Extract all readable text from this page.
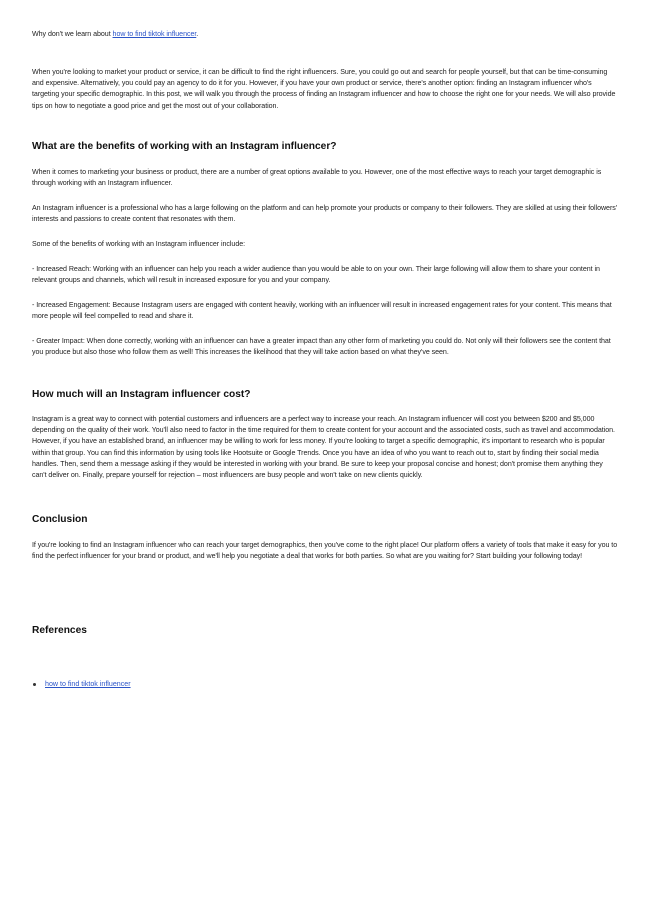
Why don't we learn about how to find tiktok influencer.

When you're looking to market your product or service, it can be difficult to find the right influencers. Sure, you could go out and search for people yourself, but that can be time-consuming and expensive. Alternatively, you could pay an agency to do it for you. However, if you have your own product or service, there's another option: finding an Instagram influencer who's targeting your specific demographic. In this post, we will walk you through the process of finding an Instagram influencer and how to choose the right one for your needs. We will also provide tips on how to negotiate a good price and get the most out of your collaboration.

What are the benefits of working with an Instagram influencer?

When it comes to marketing your business or product, there are a number of great options available to you. However, one of the most effective ways to reach your target demographic is through working with an Instagram influencer.

An Instagram influencer is a professional who has a large following on the platform and can help promote your products or company to their followers. They are skilled at using their followers' interests and passions to create content that resonates with them.

Some of the benefits of working with an Instagram influencer include:

- Increased Reach: Working with an influencer can help you reach a wider audience than you would be able to on your own. Their large following will allow them to share your content in relevant groups and channels, which will result in increased exposure for you and your company.

- Increased Engagement: Because Instagram users are engaged with content heavily, working with an influencer will result in increased engagement rates for your content. This means that more people will feel compelled to read and share it.

- Greater Impact: When done correctly, working with an influencer can have a greater impact than any other form of marketing you could do. Not only will their followers see the content that you produce but also those who follow them as well! This increases the likelihood that they will take action based on what they've seen.

How much will an Instagram influencer cost?

Instagram is a great way to connect with potential customers and influencers are a perfect way to increase your reach. An Instagram influencer will cost you between $200 and $5,000 depending on the quality of their work. You'll also need to factor in the time required for them to create content for your account and the associated costs, such as travel and accommodation. However, if you have an established brand, an influencer may be willing to work for less money. If you're looking to target a specific demographic, it's important to research who is popular within that group. You can find this information by using tools like Hootsuite or Google Trends. Once you have an idea of who you want to reach out to, start by finding their social media handles. Then, send them a message asking if they would be interested in working with your brand. Be sure to keep your proposal concise and honest; don't promise them anything they can't deliver on. Finally, prepare yourself for rejection – most influencers are busy people and won't take on new clients quickly.

Conclusion

If you're looking to find an Instagram influencer who can reach your target demographics, then you've come to the right place! Our platform offers a variety of tools that make it easy for you to find the perfect influencer for your brand or product, and we'll help you negotiate a deal that works for both parties. So what are you waiting for? Start building your following today!

References
how to find tiktok influencer
